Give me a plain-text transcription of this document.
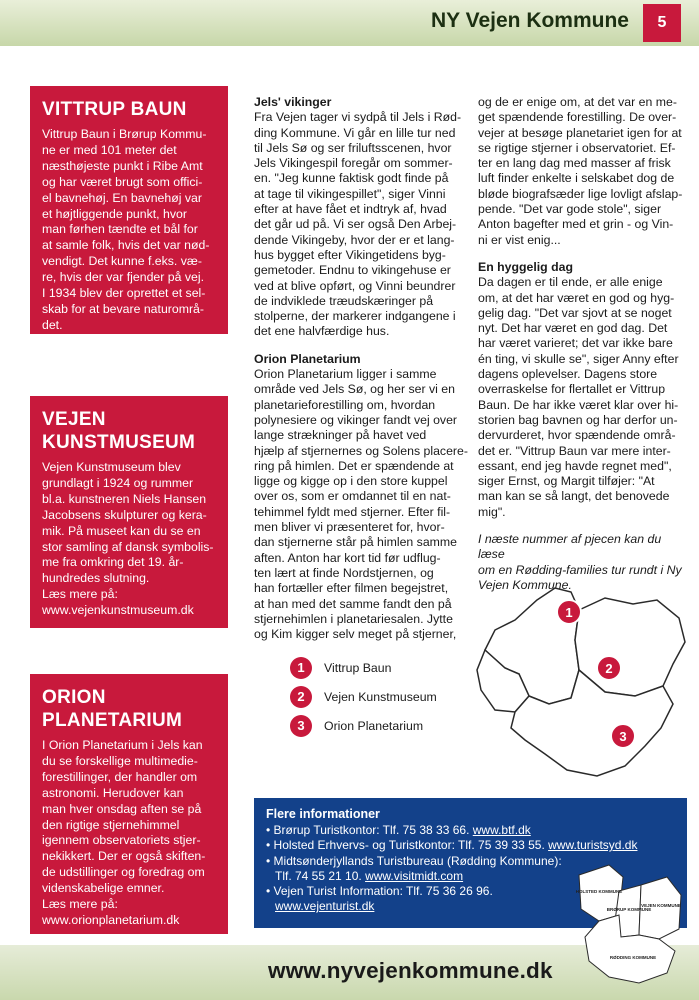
NY Vejen Kommune	5
VITTRUP BAUN

Vittrup Baun i Brørup Kommu-
ne er med 101 meter det
næsthøjeste punkt i Ribe Amt
og har været brugt som offici-
el bavnehøj. En bavnehøj var
et højtliggende punkt, hvor
man førhen tændte et bål for
at samle folk, hvis det var nød-
vendigt. Det kunne f.eks. væ-
re, hvis der var fjender på vej.
I 1934 blev der oprettet et sel-
skab for at bevare naturområ-
det.

VEJEN
KUNSTMUSEUM

Vejen Kunstmuseum blev
grundlagt i 1924 og rummer
bl.a. kunstneren Niels Hansen
Jacobsens skulpturer og kera-
mik. På museet kan du se en
stor samling af dansk symbolis-
me fra omkring det 19. år-
hundredes slutning.
Læs mere på:
www.vejenkunstmuseum.dk

ORION
PLANETARIUM

I Orion Planetarium i Jels kan
du se forskellige multimedie-
forestillinger, der handler om
astronomi. Herudover kan
man hver onsdag aften se på
den rigtige stjernehimmel
igennem observatoriets stjer-
nekikkert. Der er også skiften-
de udstillinger og foredrag om
videnskabelige emner.
Læs mere på:
www.orionplanetarium.dk

Jels' vikinger
Fra Vejen tager vi sydpå til Jels i Rød-
ding Kommune. Vi går en lille tur ned
til Jels Sø og ser friluftsscenen, hvor
Jels Vikingespil foregår om sommer-
en. "Jeg kunne faktisk godt finde på
at tage til vikingespillet", siger Vinni
efter at have fået et indtryk af, hvad
det går ud på. Vi ser også Den Arbej-
dende Vikingeby, hvor der er et lang-
hus bygget efter Vikingetidens byg-
gemetoder. Endnu to vikingehuse er
ved at blive opført, og Vinni beundrer
de indviklede træudskæringer på
stolperne, der markerer indgangene i
det ene halvfærdige hus.
Orion Planetarium
Orion Planetarium ligger i samme
område ved Jels Sø, og her ser vi en
planetarieforestilling om, hvordan
polynesiere og vikinger fandt vej over
lange strækninger på havet ved
hjælp af stjernernes og Solens placere-
ring på himlen. Det er spændende at
ligge og kigge op i den store kuppel
over os, som er omdannet til en nat-
tehimmel fyldt med stjerner. Efter fil-
men bliver vi præsenteret for, hvor-
dan stjernerne står på himlen samme
aften. Anton har kort tid før udflug-
ten lært at finde Nordstjernen, og
han fortæller efter filmen begejstret,
at han med det samme fandt den på
stjernehimlen i planetariesalen. Jytte
og Kim kigger selv meget på stjerner,
og de er enige om, at det var en me-
get spændende forestilling. De over-
vejer at besøge planetariet igen for at
se rigtige stjerner i observatoriet. Ef-
ter en lang dag med masser af frisk
luft finder enkelte i selskabet dog de
bløde biografsæder lige lovligt afslap-
pende. "Det var gode stole", siger
Anton bagefter med et grin - og Vin-
ni er vist enig...
En hyggelig dag
Da dagen er til ende, er alle enige
om, at det har været en god og hyg-
gelig dag. "Det var sjovt at se noget
nyt. Det har været en god dag. Det
har været varieret; det var ikke bare
én ting, vi skulle se", siger Anny efter
dagens oplevelser. Dagens store
overraskelse for flertallet er Vittrup
Baun. De har ikke været klar over hi-
storien bag bavnen og har derfor un-
dervurderet, hvor spændende områ-
det er. "Vittrup Baun var mere inter-
essant, end jeg havde regnet med",
siger Ernst, og Margit tilføjer: "At
man kan se så langt, det benovede
mig".
I næste nummer af pjecen kan du læse
om en Rødding-families tur rundt i Ny
Vejen Kommune.
1
2
3
1	Vittrup Baun
2	Vejen Kunstmuseum
3	Orion Planetarium
Flere informationer
• Brørup Turistkontor: Tlf. 75 38 33 66. www.btf.dk
• Holsted Erhvervs- og Turistkontor: Tlf. 75 39 33 55. www.turistsyd.dk
• Midtsønderjyllands Turistbureau (Rødding Kommune):
Tlf. 74 55 21 10. www.visitmidt.com
• Vejen Turist Information: Tlf. 75 36 26 96.
www.vejenturist.dk
HOLSTED KOMMUNE
BRØRUP KOMMUNE
VEJEN KOMMUNE
RØDDING KOMMUNE
www.nyvejenkommune.dk
